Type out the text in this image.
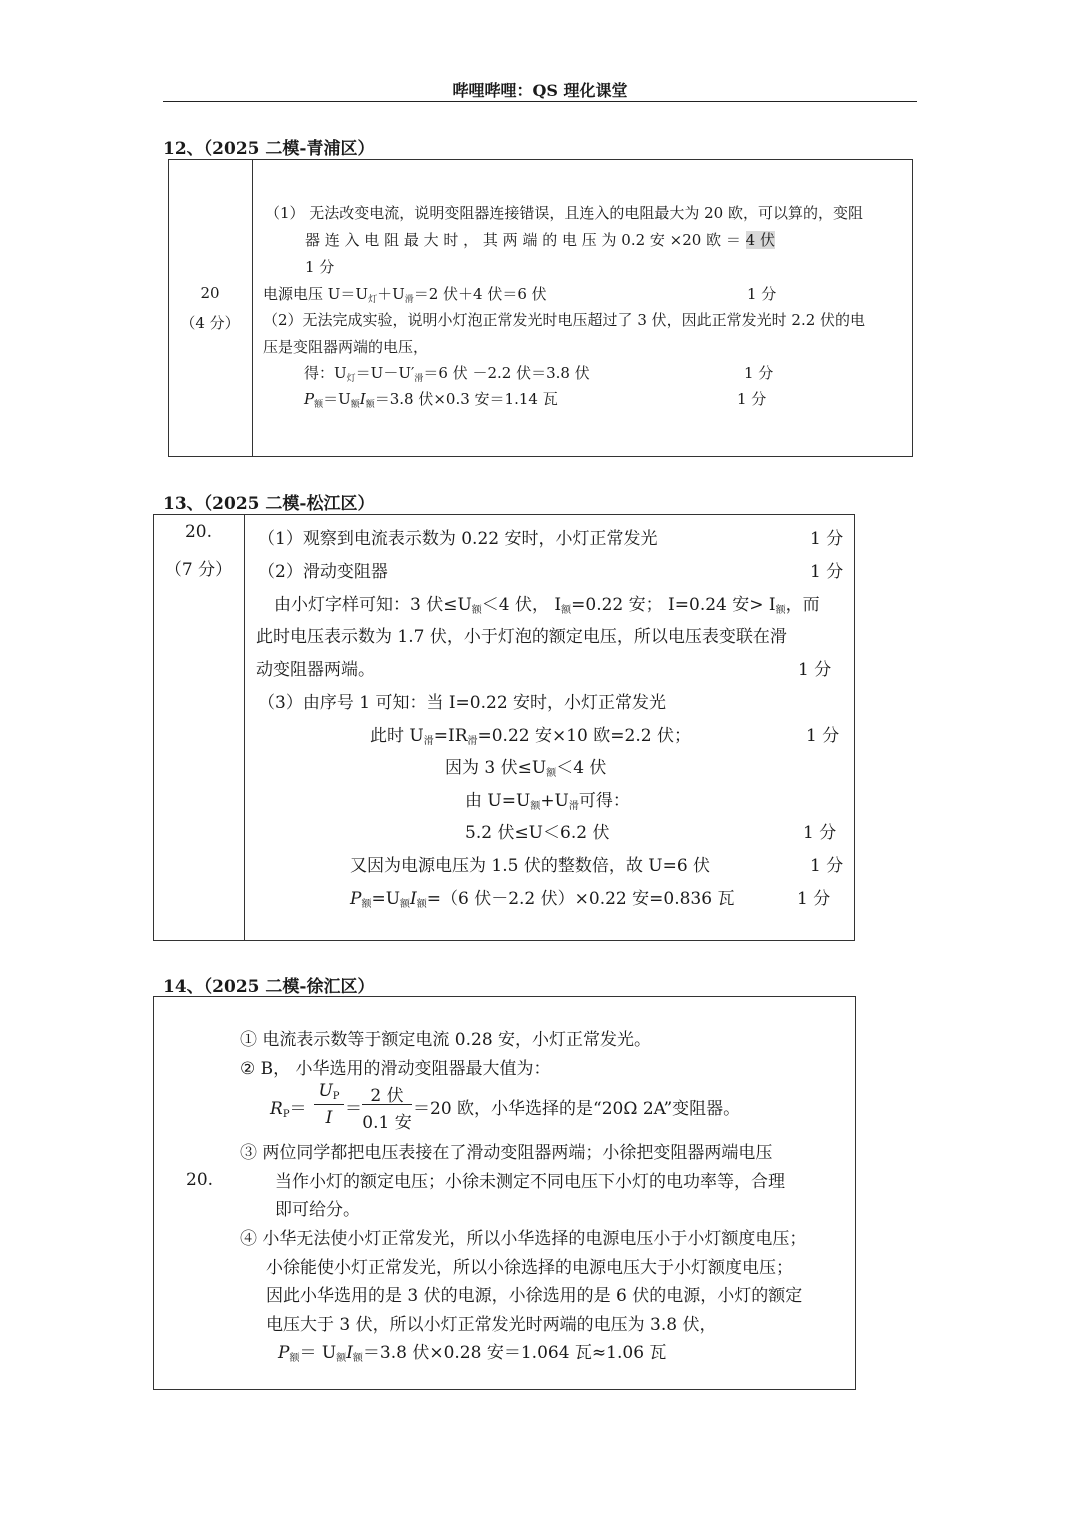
哔哩哔哩：QS 理化课堂
12、（2025 二模-青浦区）
20
（4 分）
（1） 无法改变电流，说明变阻器连接错误，且连入的电阻最大为 20 欧，可以算的，变阻
器 连 入 电 阻 最 大 时 ， 其 两 端 的 电 压 为 0.2 安 ×20 欧 ＝ 4 伏
1 分
电源电压 $U=U_灯+U_滑=2$ 伏＋4 伏＝6 伏	1 分
（2）无法完成实验，说明小灯泡正常发光时电压超过了 3 伏，因此正常发光时 2.2 伏的电
压是变阻器两端的电压，
得：$U_灯=U-U'_滑=6$ 伏 －2.2 伏＝3.8 伏	1 分
$P_额=U_额I_额=3.8$ 伏×0.3 安＝1.14 瓦	1 分
13、（2025 二模-松江区）
20.
（7 分）
（1）观察到电流表示数为 0.22 安时，小灯正常发光	1 分
（2）滑动变阻器	1 分
由小灯字样可知：3 伏≤U额＜4 伏， I额=0.22 安； I=0.24 安> I额，而
此时电压表示数为 1.7 伏，小于灯泡的额定电压，所以电压表变联在滑
动变阻器两端。	1 分
（3）由序号 1 可知：当 I=0.22 安时，小灯正常发光
此时 U滑=IR滑=0.22 安×10 欧=2.2 伏；	1 分
因为 3 伏≤U额＜4 伏
由 U=U额+U滑可得：
5.2 伏≤U＜6.2 伏	1 分
又因为电源电压为 1.5 伏的整数倍，故 U=6 伏	1 分
P额=U额I额=（6 伏－2.2 伏）×0.22 安=0.836 瓦	1 分
14、（2025 二模-徐汇区）
20.
① 电流表示数等于额定电流 0.28 安，小灯正常发光。
② B， 小华选用的滑动变阻器最大值为：
RP＝
UP
I ＝
2 伏
0.1 安
＝20 欧，小华选择的是“20Ω 2A”变阻器。
③ 两位同学都把电压表接在了滑动变阻器两端；小徐把变阻器两端电压
当作小灯的额定电压；小徐未测定不同电压下小灯的电功率等，合理
即可给分。
④ 小华无法使小灯正常发光，所以小华选择的电源电压小于小灯额度电压；
小徐能使小灯正常发光，所以小徐选择的电源电压大于小灯额度电压；
因此小华选用的是 3 伏的电源，小徐选用的是 6 伏的电源，小灯的额定
电压大于 3 伏，所以小灯正常发光时两端的电压为 3.8 伏，
P额＝ U额I额＝3.8 伏×0.28 安＝1.064 瓦≈1.06 瓦
